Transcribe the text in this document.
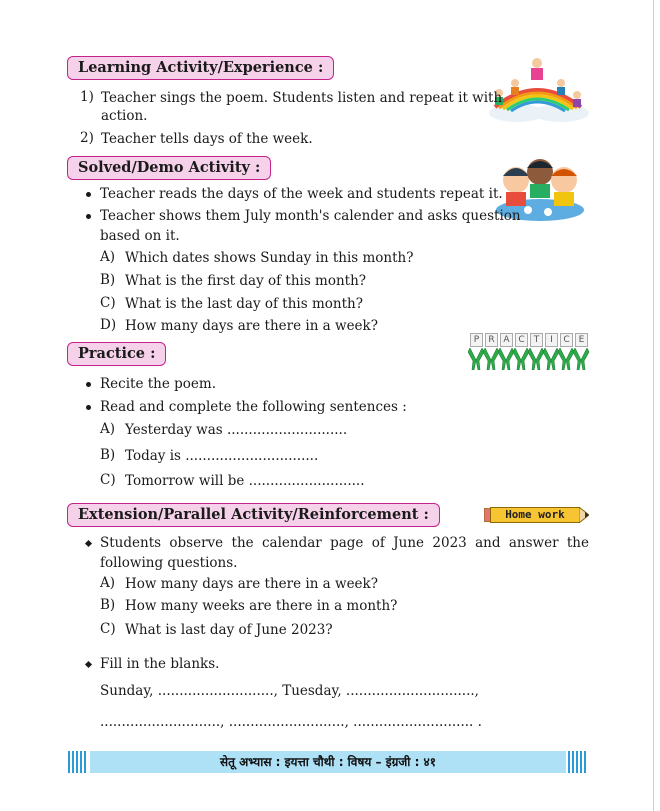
Learning Activity/Experience :
1) Teacher sings the poem. Students listen and repeat it with
action.
2) Teacher tells days of the week.
Solved/Demo Activity :
Teacher reads the days of the week and students repeat it.
Teacher shows them July month's calender and asks question
based on it.
A) Which dates shows Sunday in this month?
B) What is the first day of this month?
C) What is the last day of this month?
D) How many days are there in a week?
Practice :
P	R A C	T	I	C	E
Recite the poem.
Read and complete the following sentences :
A) Yesterday was ............................
B) Today is ...............................
C) Tomorrow will be ...........................
Extension/Parallel Activity/Reinforcement :	Home work
Students observe the calendar page of June 2023 and answer the following questions.
A) How many days are there in a week?
B) How many weeks are there in a month?
C) What is last day of June 2023?
Fill in the blanks.
Sunday, ..........................., Tuesday, ..............................,
............................, ..........................., ............................ .
सेतू अभ्यास : इयत्ता चौथी : विषय – इंग्रजी : ४१
